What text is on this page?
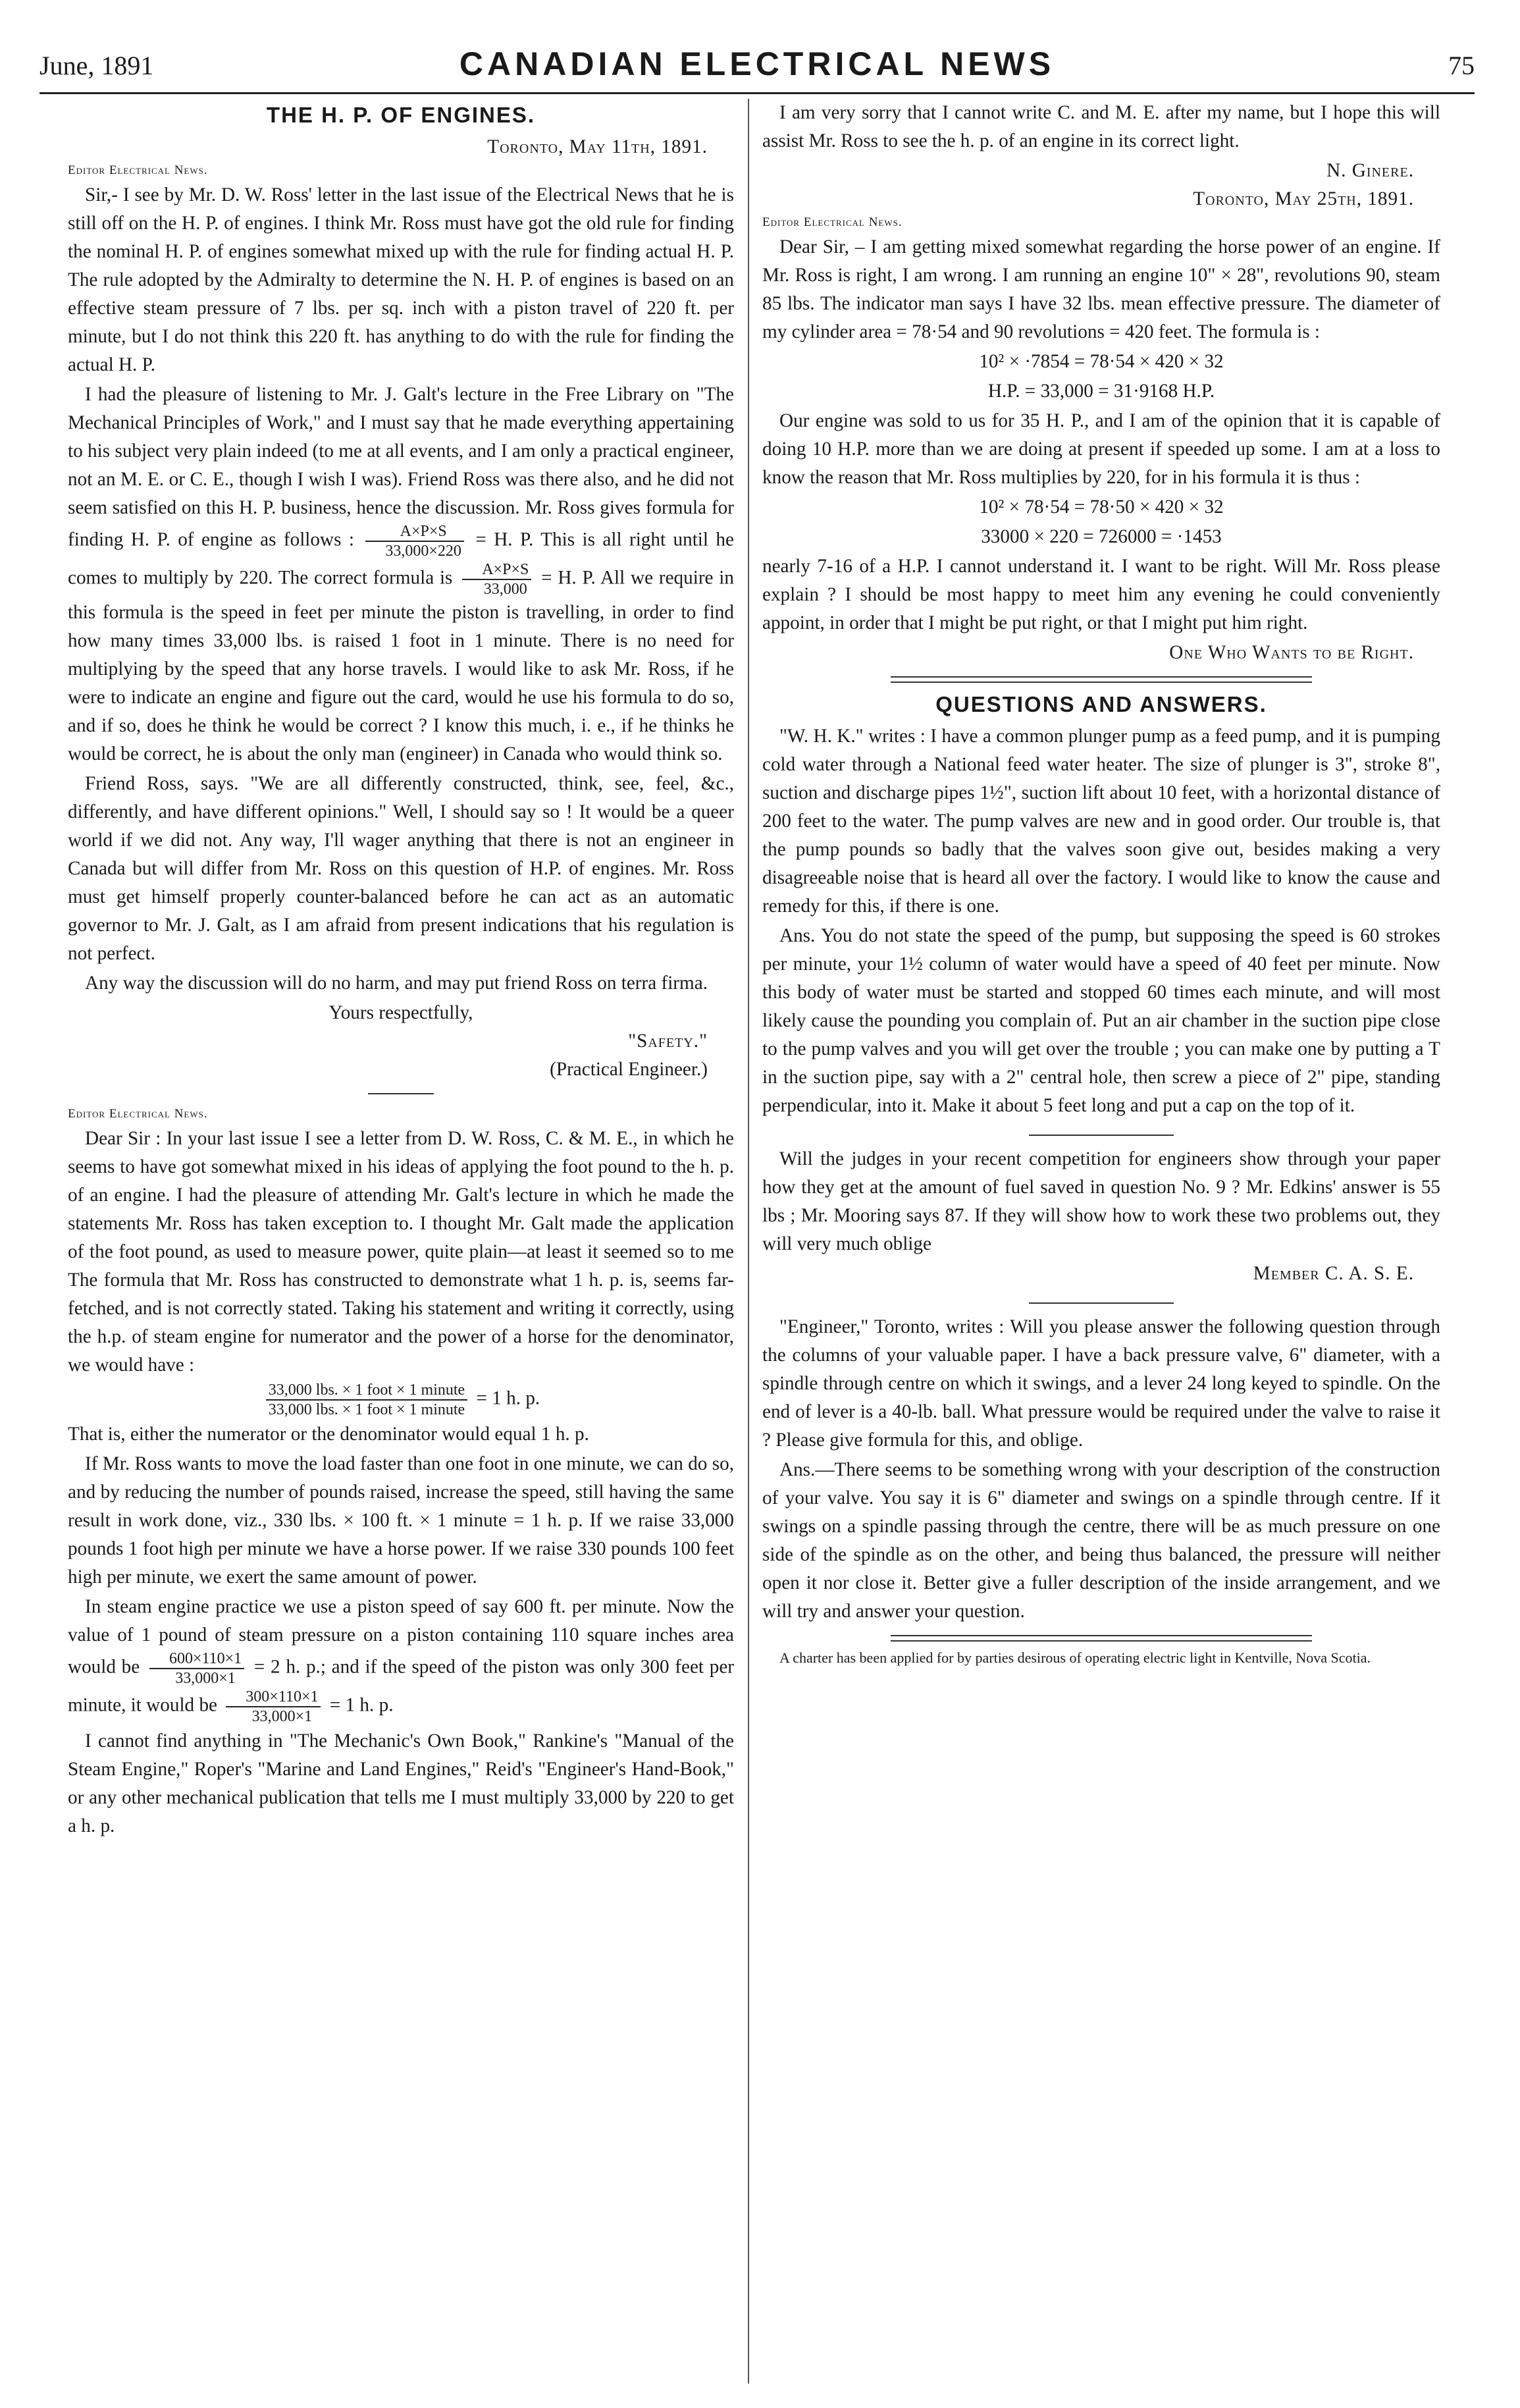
June, 1891	CANADIAN ELECTRICAL NEWS	75
THE H. P. OF ENGINES.
Toronto, May 11th, 1891.

Editor Electrical News.

Sir,- I see by Mr. D. W. Ross' letter in the last issue of the Electrical News that he is still off on the H. P. of engines. I think Mr. Ross must have got the old rule for finding the nominal H. P. of engines somewhat mixed up with the rule for finding actual H. P. The rule adopted by the Admiralty to determine the N. H. P. of engines is based on an effective steam pressure of 7 lbs. per sq. inch with a piston travel of 220 ft. per minute, but I do not think this 220 ft. has anything to do with the rule for finding the actual H. P.

I had the pleasure of listening to Mr. J. Galt's lecture in the Free Library on "The Mechanical Principles of Work," and I must say that he made everything appertaining to his subject very plain indeed (to me at all events, and I am only a practical engineer, not an M. E. or C. E., though I wish I was). Friend Ross was there also, and he did not seem satisfied on this H. P. business, hence the discussion. Mr. Ross gives formula for finding H. P. of engine as follows : $\frac{A\times P\times S}{33,000\times 220} = H$. P. This is all right until he comes to multiply by 220. The correct formula is $\frac{A\times P\times S}{33,000} = H$. P. All we require in this formula is the speed in feet per minute the piston is travelling, in order to find how many times 33,000 lbs. is raised 1 foot in 1 minute. There is no need for multiplying by the speed that any horse travels. I would like to ask Mr. Ross, if he were to indicate an engine and figure out the card, would he use his formula to do so, and if so, does he think he would be correct ? I know this much, i. e., if he thinks he would be correct, he is about the only man (engineer) in Canada who would think so.

Friend Ross, says. "We are all differently constructed, think, see, feel, &c., differently, and have different opinions." Well, I should say so ! It would be a queer world if we did not. Any way, I'll wager anything that there is not an engineer in Canada but will differ from Mr. Ross on this question of H.P. of engines. Mr. Ross must get himself properly counter-balanced before he can act as an automatic governor to Mr. J. Galt, as I am afraid from present indications that his regulation is not perfect.

Any way the discussion will do no harm, and may put friend Ross on terra firma.

Yours respectfully,
"Safety."
(Practical Engineer.)

Editor Electrical News.

Dear Sir : In your last issue I see a letter from D. W. Ross, C. & M. E., in which he seems to have got somewhat mixed in his ideas of applying the foot pound to the h. p. of an engine. I had the pleasure of attending Mr. Galt's lecture in which he made the statements Mr. Ross has taken exception to. I thought Mr. Galt made the application of the foot pound, as used to measure power, quite plain—at least it seemed so to me The formula that Mr. Ross has constructed to demonstrate what 1 h. p. is, seems far-fetched, and is not correctly stated. Taking his statement and writing it correctly, using the h.p. of steam engine for numerator and the power of a horse for the denominator, we would have :

$\frac{\text{33,000 lbs. × 1 foot × 1 minute}}{\text{33,000 lbs. × 1 foot × 1 minute}} = 1$ h. p.

That is, either the numerator or the denominator would equal 1 h. p.

If Mr. Ross wants to move the load faster than one foot in one minute, we can do so, and by reducing the number of pounds raised, increase the speed, still having the same result in work done, viz., 330 lbs. × 100 ft. × 1 minute = 1 h. p. If we raise 33,000 pounds 1 foot high per minute we have a horse power. If we raise 330 pounds 100 feet high per minute, we exert the same amount of power.

In steam engine practice we use a piston speed of say 600 ft. per minute. Now the value of 1 pound of steam pressure on a piston containing 110 square inches area would be $\frac{600\times 110\times 1}{33,000\times 1} = 2$ h. p.; and if the speed of the piston was only 300 feet per minute, it would be $\frac{300\times 110\times 1}{33,000\times 1} = 1$ h. p.

I cannot find anything in "The Mechanic's Own Book," Rankine's "Manual of the Steam Engine," Roper's "Marine and Land Engines," Reid's "Engineer's Hand-Book," or any other mechanical publication that tells me I must multiply 33,000 by 220 to get a h. p.

I am very sorry that I cannot write C. and M. E. after my name, but I hope this will assist Mr. Ross to see the h. p. of an engine in its correct light.

N. Ginere.
Toronto, May 25th, 1891.

Editor Electrical News.

Dear Sir, – I am getting mixed somewhat regarding the horse power of an engine. If Mr. Ross is right, I am wrong. I am running an engine 10" × 28", revolutions 90, steam 85 lbs. The indicator man says I have 32 lbs. mean effective pressure. The diameter of my cylinder area = 78·54 and 90 revolutions = 420 feet. The formula is :

10² × ·7854 = 78·54 × 420 × 32
H.P. = 33,000 = 31·9168 H.P.

Our engine was sold to us for 35 H. P., and I am of the opinion that it is capable of doing 10 H.P. more than we are doing at present if speeded up some. I am at a loss to know the reason that Mr. Ross multiplies by 220, for in his formula it is thus :

10² × 78·54 = 78·50 × 420 × 32
33000 × 220 = 726000 = ·1453

nearly 7-16 of a H.P. I cannot understand it. I want to be right. Will Mr. Ross please explain ? I should be most happy to meet him any evening he could conveniently appoint, in order that I might be put right, or that I might put him right.

One Who Wants to be Right.
QUESTIONS AND ANSWERS.

"W. H. K." writes : I have a common plunger pump as a feed pump, and it is pumping cold water through a National feed water heater. The size of plunger is 3", stroke 8", suction and discharge pipes 1½", suction lift about 10 feet, with a horizontal distance of 200 feet to the water. The pump valves are new and in good order. Our trouble is, that the pump pounds so badly that the valves soon give out, besides making a very disagreeable noise that is heard all over the factory. I would like to know the cause and remedy for this, if there is one.

Ans. You do not state the speed of the pump, but supposing the speed is 60 strokes per minute, your 1½ column of water would have a speed of 40 feet per minute. Now this body of water must be started and stopped 60 times each minute, and will most likely cause the pounding you complain of. Put an air chamber in the suction pipe close to the pump valves and you will get over the trouble ; you can make one by putting a T in the suction pipe, say with a 2" central hole, then screw a piece of 2" pipe, standing perpendicular, into it. Make it about 5 feet long and put a cap on the top of it.

Will the judges in your recent competition for engineers show through your paper how they get at the amount of fuel saved in question No. 9 ? Mr. Edkins' answer is 55 lbs ; Mr. Mooring says 87. If they will show how to work these two problems out, they will very much oblige

Member C. A. S. E.

"Engineer," Toronto, writes : Will you please answer the following question through the columns of your valuable paper. I have a back pressure valve, 6" diameter, with a spindle through centre on which it swings, and a lever 24 long keyed to spindle. On the end of lever is a 40-lb. ball. What pressure would be required under the valve to raise it ? Please give formula for this, and oblige.

Ans.—There seems to be something wrong with your description of the construction of your valve. You say it is 6" diameter and swings on a spindle through centre. If it swings on a spindle passing through the centre, there will be as much pressure on one side of the spindle as on the other, and being thus balanced, the pressure will neither open it nor close it. Better give a fuller description of the inside arrangement, and we will try and answer your question.

A charter has been applied for by parties desirous of operating electric light in Kentville, Nova Scotia.
